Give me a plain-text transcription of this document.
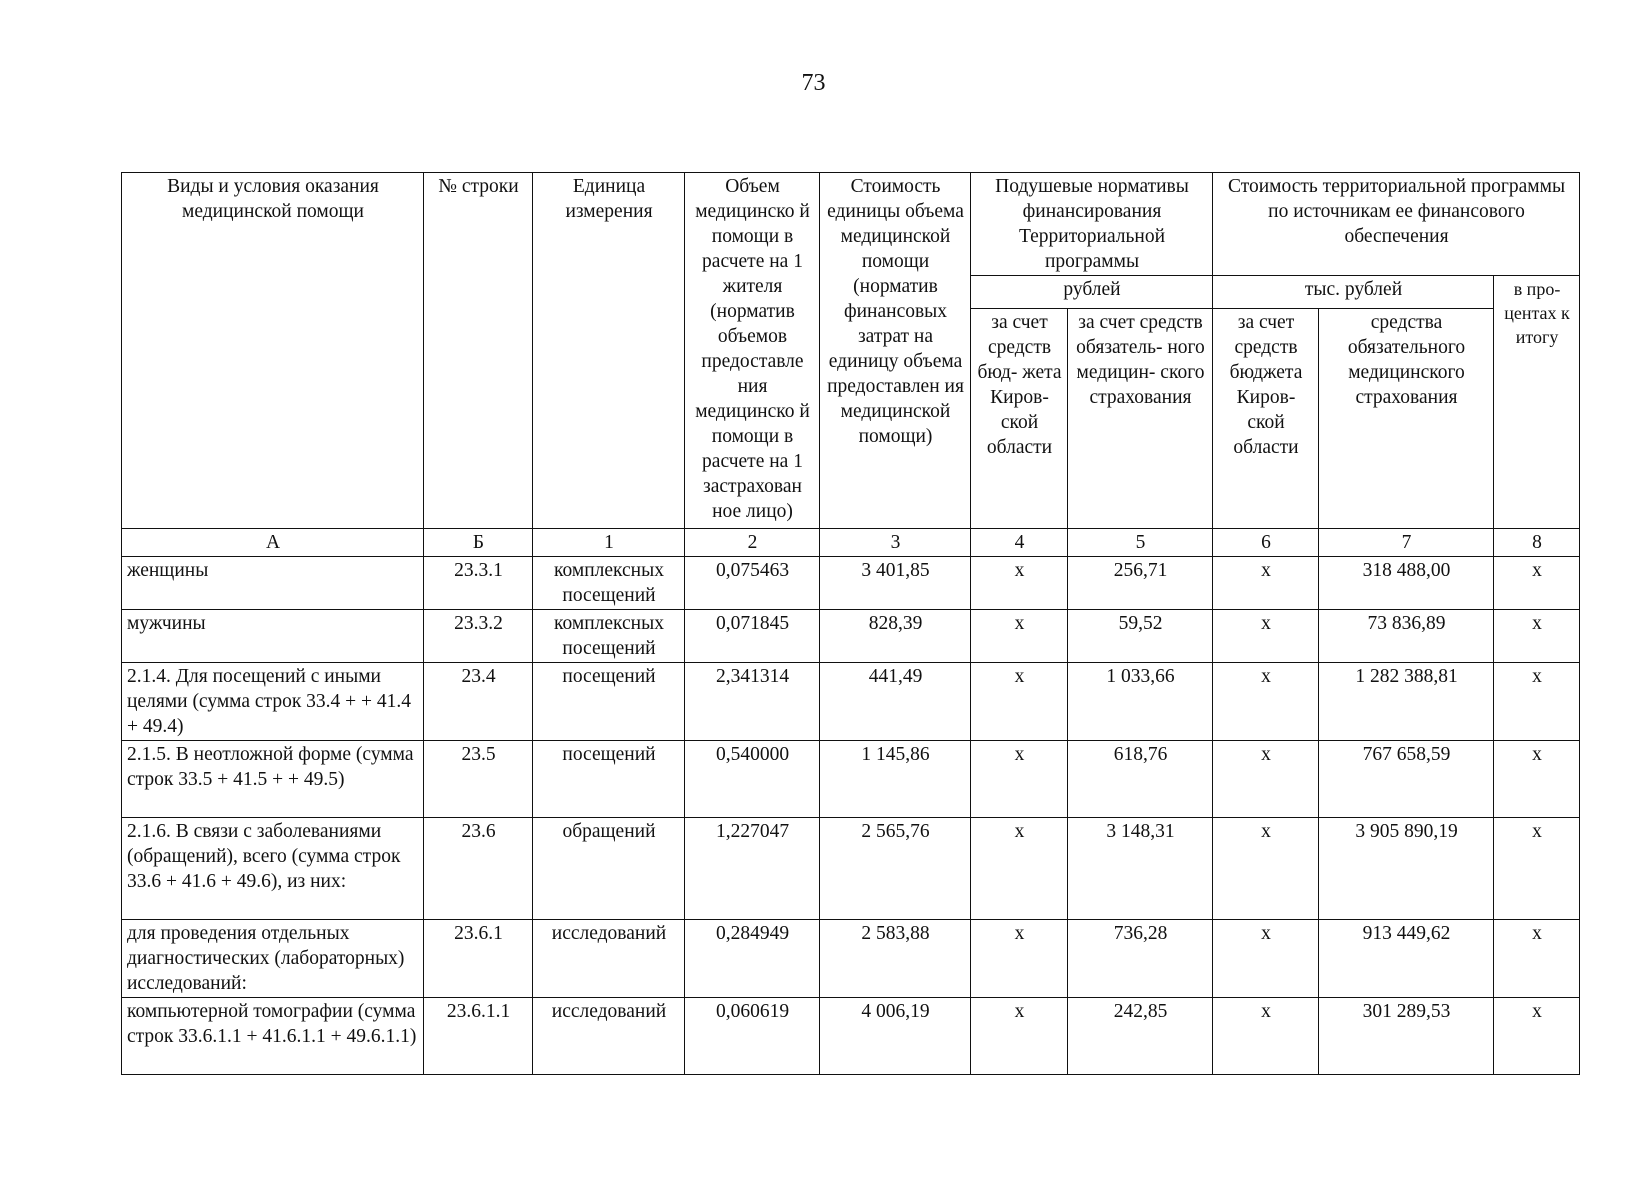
73
Виды и условия оказания медицинской помощи	№ строки	Единица измерения	Объем медицинско й помощи в расчете на 1 жителя (норматив объемов предоставле ния медицинско й помощи в расчете на 1 застрахован ное лицо)	Стоимость единицы объема медицинской помощи (норматив финансовых затрат на единицу объема предоставлен ия медицинской помощи)	Подушевые нормативы финансирования Территориальной программы		Стоимость территориальной программы по источникам ее финансового обеспечения		
					рублей		тыс. рублей		в про- центах к итогу
					за счет средств бюд- жета Киров- ской области	за счет средств обязатель- ного медицин- ского страхования	за счет средств бюджета Киров- ской области	средства обязательного медицинского страхования	
А	Б	1	2	3	4	5	6	7	8
женщины	23.3.1	комплексных посещений	0,075463	3 401,85	х	256,71	х	318 488,00	х
мужчины	23.3.2	комплексных посещений	0,071845	828,39	х	59,52	х	73 836,89	х
2.1.4. Для посещений с иными целями (сумма строк 33.4 + + 41.4 + 49.4)	23.4	посещений	2,341314	441,49	х	1 033,66	х	1 282 388,81	х
2.1.5. В неотложной форме (сумма строк 33.5 + 41.5 + + 49.5)	23.5	посещений	0,540000	1 145,86	х	618,76	х	767 658,59	х
2.1.6. В связи с заболеваниями (обращений), всего (сумма строк 33.6 + 41.6 + 49.6), из них:	23.6	обращений	1,227047	2 565,76	х	3 148,31	х	3 905 890,19	х
для проведения отдельных диагностических (лабораторных) исследований:	23.6.1	исследований	0,284949	2 583,88	х	736,28	х	913 449,62	х
компьютерной томографии (сумма строк 33.6.1.1 + 41.6.1.1 + 49.6.1.1)	23.6.1.1	исследований	0,060619	4 006,19	х	242,85	х	301 289,53	х
